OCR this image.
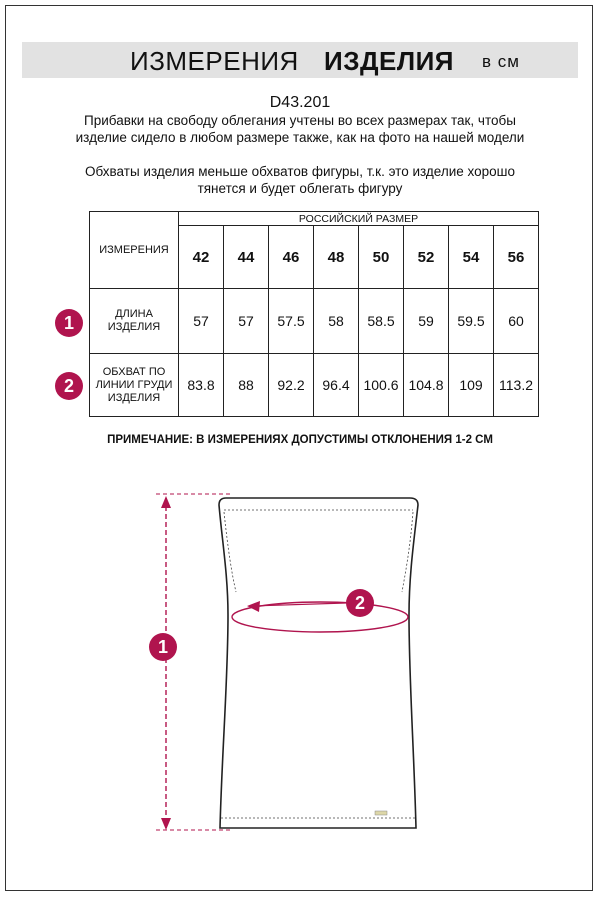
ИЗМЕРЕНИЯ ИЗДЕЛИЯ в см
D43.201
Прибавки на свободу облегания учтены во всех размерах так, чтобы изделие сидело в любом размере также, как на фото на нашей модели
Обхваты изделия меньше обхватов фигуры, т.к. это изделие хорошо тянется и будет облегать фигуру
ИЗМЕРЕНИЯ	РОССИЙСКИЙ РАЗМЕР							
	42	44	46	48	50	52	54	56
ДЛИНА ИЗДЕЛИЯ	57	57	57.5	58	58.5	59	59.5	60
ОБХВАТ ПО ЛИНИИ ГРУДИ ИЗДЕЛИЯ	83.8	88	92.2	96.4	100.6	104.8	109	113.2
1
2
ПРИМЕЧАНИЕ: В ИЗМЕРЕНИЯХ ДОПУСТИМЫ ОТКЛОНЕНИЯ 1-2 СМ
1
2
